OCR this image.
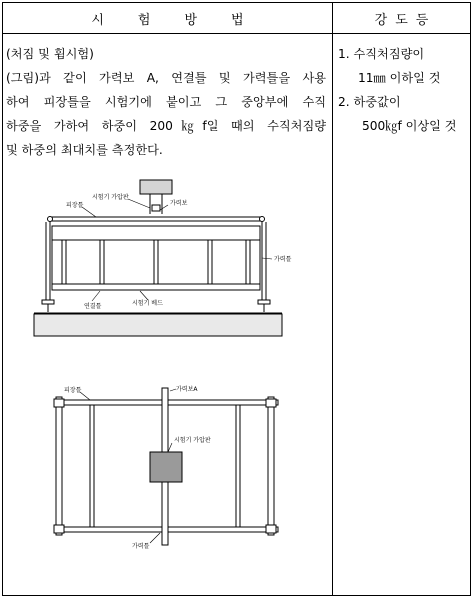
시험방법	강도등
(처짐 및 휨시험)
(그림)과 같이 가력보 A, 연결틀 및 가력틀을 사용
하여 피장틀을 시험기에 붙이고 그 중앙부에 수직
하중을 가하여 하중이 200㎏f일 때의 수직처짐량
및 하중의 최대치를 측정한다.
1. 수직처짐량이
11㎜ 이하일 것
2. 하중값이
500㎏f 이상일 것
시험기 가압판
가력보
피장틀
가력틀
연결틀	시험기 베드
피장틀	가력보A
시험기 가압판
가력틀
